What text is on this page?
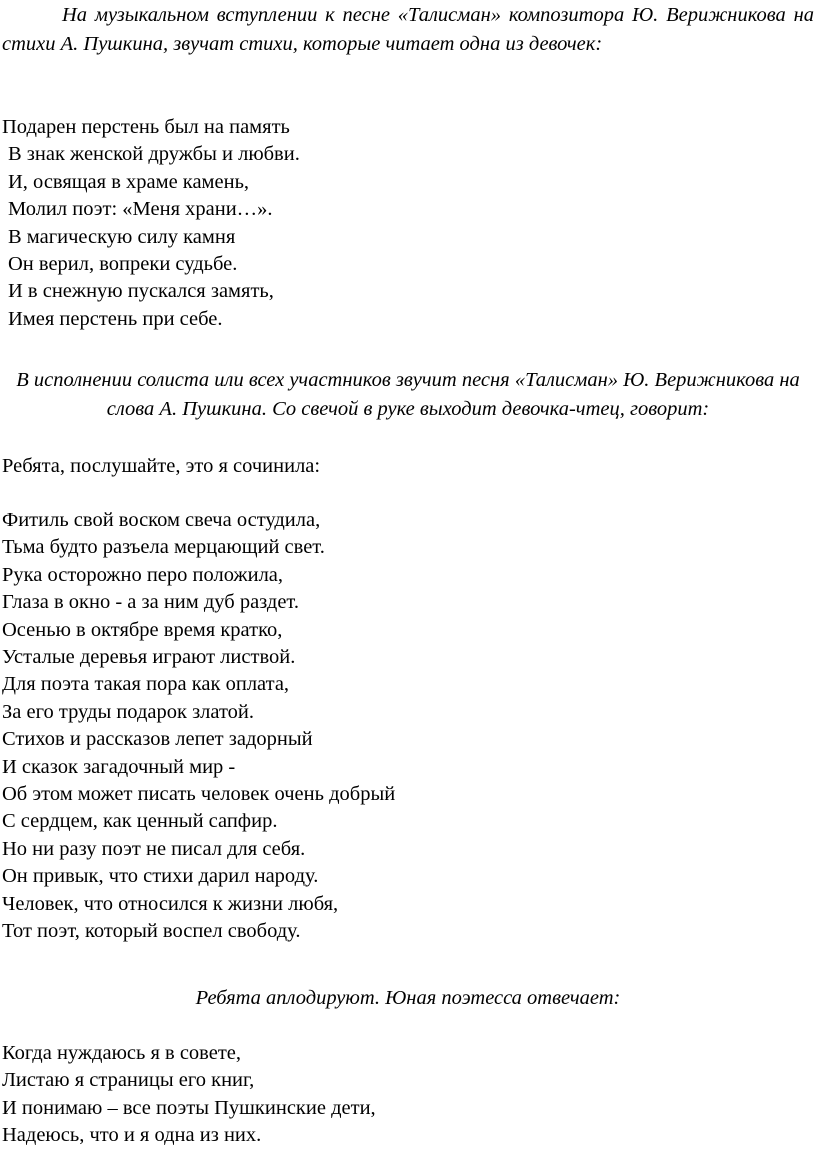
На музыкальном вступлении к песне «Талисман» композитора Ю. Верижникова на стихи А. Пушкина, звучат стихи, которые читает одна из девочек:

Подарен перстень был на память
В знак женской дружбы и любви.
И, освящая в храме камень,
Молил поэт: «Меня храни…».
В магическую силу камня
Он верил, вопреки судьбе.
И в снежную пускался замять,
Имея перстень при себе.

В исполнении солиста или всех участников звучит песня «Талисман» Ю. Верижникова на слова А. Пушкина. Со свечой в руке выходит девочка-чтец, говорит:

Ребята, послушайте, это я сочинила:

Фитиль свой воском свеча остудила,
Тьма будто разъела мерцающий свет.
Рука осторожно перо положила,
Глаза в окно - а за ним дуб раздет.
Осенью в октябре время кратко,
Усталые деревья играют листвой.
Для поэта такая пора как оплата,
За его труды подарок златой.
Стихов и рассказов лепет задорный
И сказок загадочный мир -
Об этом может писать человек очень добрый
С сердцем, как ценный сапфир.
Но ни разу поэт не писал для себя.
Он привык, что стихи дарил народу.
Человек, что относился к жизни любя,
Тот поэт, который воспел свободу.

Ребята аплодируют. Юная поэтесса отвечает:

Когда нуждаюсь я в совете,
Листаю я страницы его книг,
И понимаю – все поэты Пушкинские дети,
Надеюсь, что и я одна из них.
